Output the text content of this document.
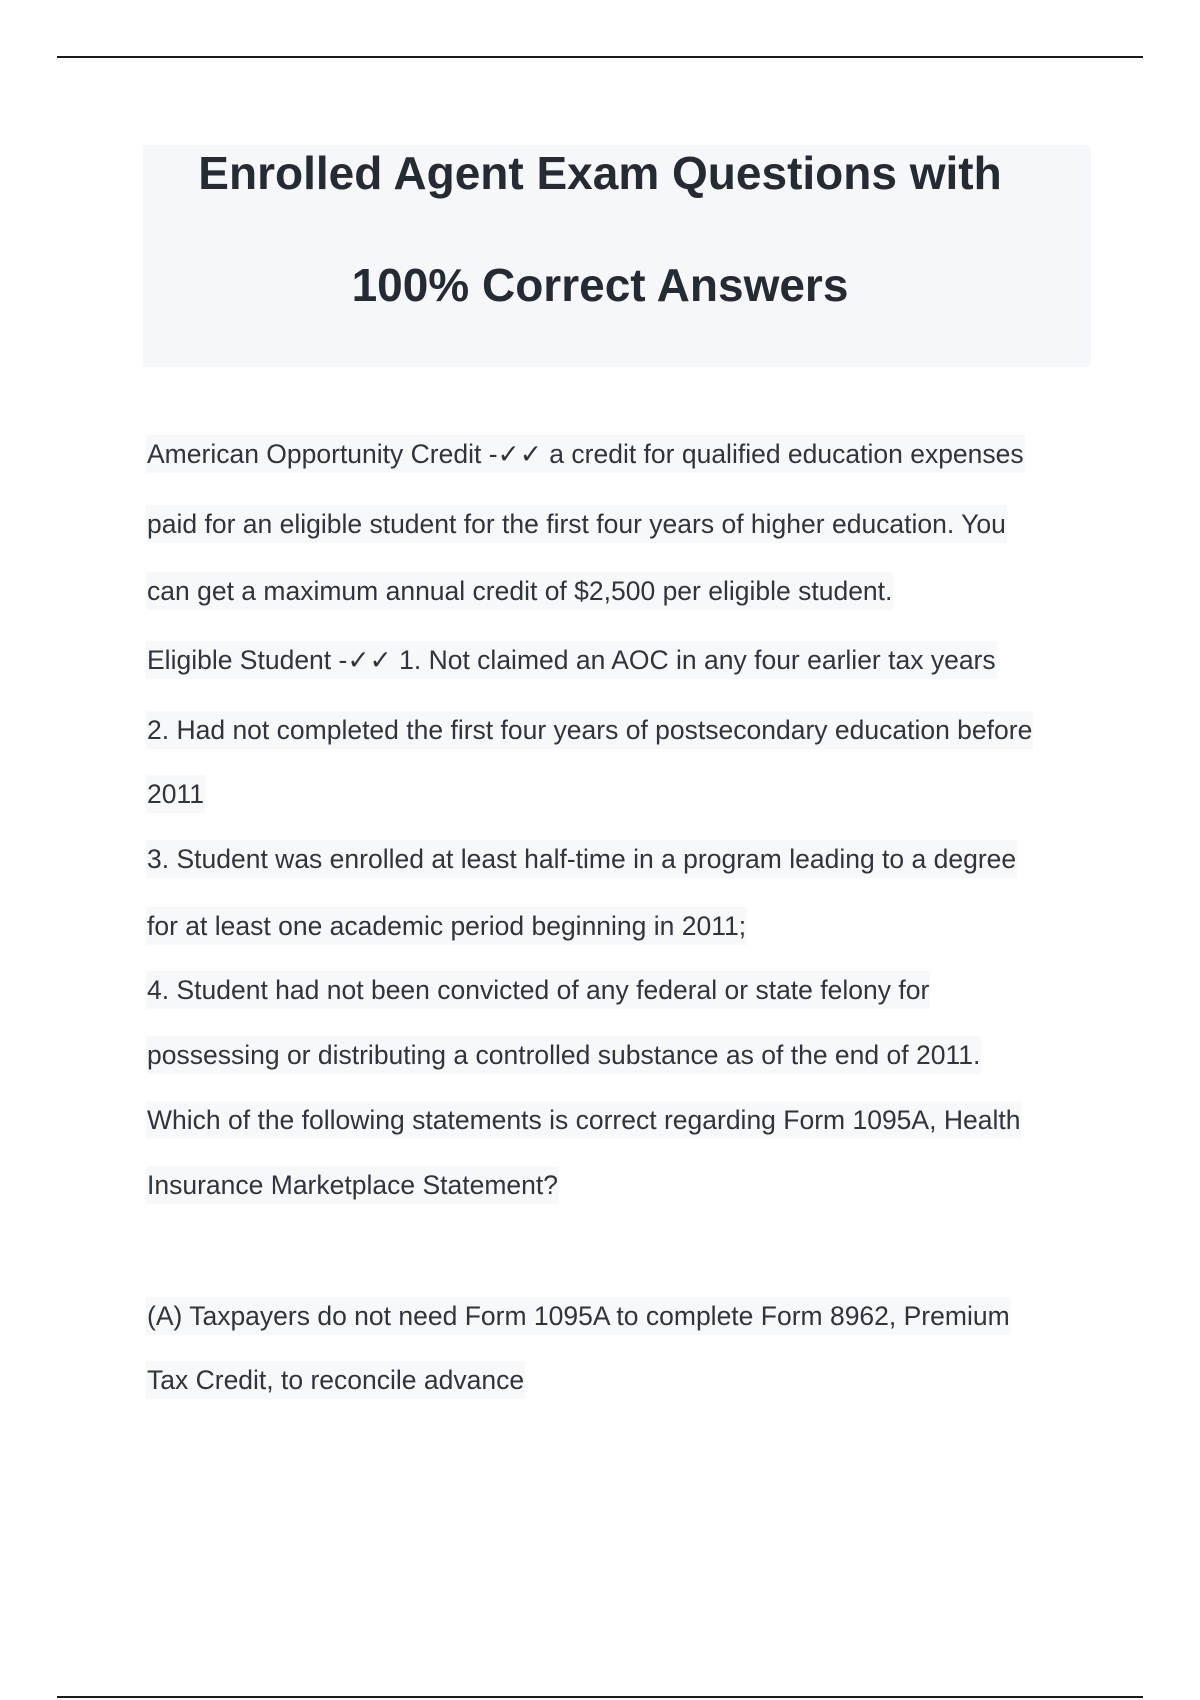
Enrolled Agent Exam Questions with
100% Correct Answers
American Opportunity Credit -✓✓ a credit for qualified education expenses
paid for an eligible student for the first four years of higher education. You
can get a maximum annual credit of $2,500 per eligible student.
Eligible Student -✓✓ 1. Not claimed an AOC in any four earlier tax years
2. Had not completed the first four years of postsecondary education before
2011
3. Student was enrolled at least half-time in a program leading to a degree
for at least one academic period beginning in 2011;
4. Student had not been convicted of any federal or state felony for
possessing or distributing a controlled substance as of the end of 2011.
Which of the following statements is correct regarding Form 1095A, Health
Insurance Marketplace Statement?
(A) Taxpayers do not need Form 1095A to complete Form 8962, Premium
Tax Credit, to reconcile advance
